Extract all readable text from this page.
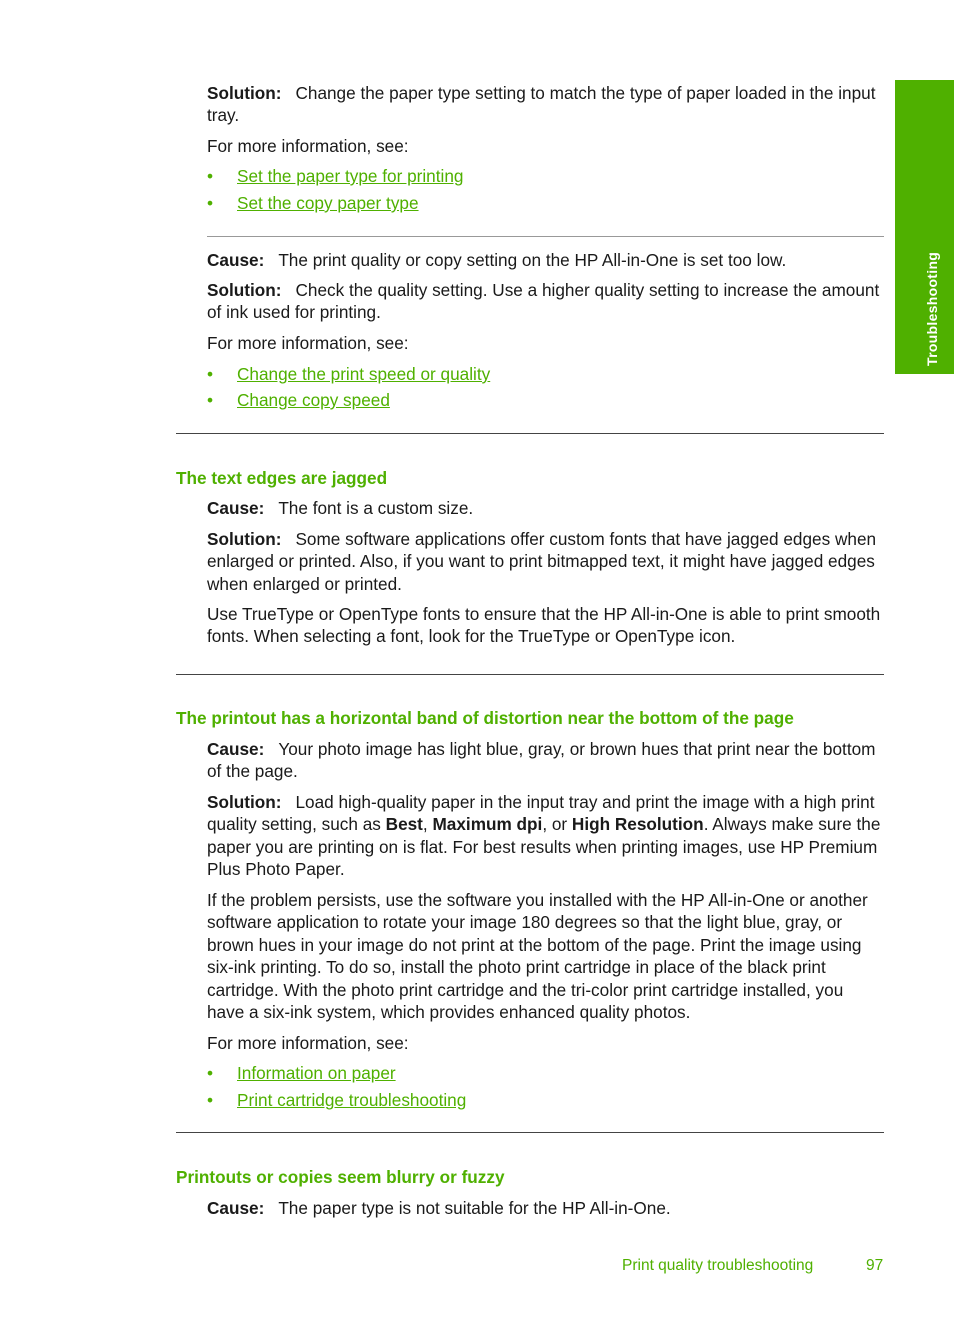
Troubleshooting

Solution: Change the paper type setting to match the type of paper loaded in the input tray.

For more information, see:

• Set the paper type for printing
• Set the copy paper type

Cause: The print quality or copy setting on the HP All-in-One is set too low.

Solution: Check the quality setting. Use a higher quality setting to increase the amount of ink used for printing.

For more information, see:

• Change the print speed or quality
• Change copy speed
The text edges are jagged

Cause: The font is a custom size.

Solution: Some software applications offer custom fonts that have jagged edges when enlarged or printed. Also, if you want to print bitmapped text, it might have jagged edges when enlarged or printed.

Use TrueType or OpenType fonts to ensure that the HP All-in-One is able to print smooth fonts. When selecting a font, look for the TrueType or OpenType icon.

The printout has a horizontal band of distortion near the bottom of the page

Cause: Your photo image has light blue, gray, or brown hues that print near the bottom of the page.

Solution: Load high-quality paper in the input tray and print the image with a high print quality setting, such as Best, Maximum dpi, or High Resolution. Always make sure the paper you are printing on is flat. For best results when printing images, use HP Premium Plus Photo Paper.

If the problem persists, use the software you installed with the HP All-in-One or another software application to rotate your image 180 degrees so that the light blue, gray, or brown hues in your image do not print at the bottom of the page. Print the image using six-ink printing. To do so, install the photo print cartridge in place of the black print cartridge. With the photo print cartridge and the tri-color print cartridge installed, you have a six-ink system, which provides enhanced quality photos.

For more information, see:

• Information on paper
• Print cartridge troubleshooting
Printouts or copies seem blurry or fuzzy

Cause: The paper type is not suitable for the HP All-in-One.

Print quality troubleshooting	97
